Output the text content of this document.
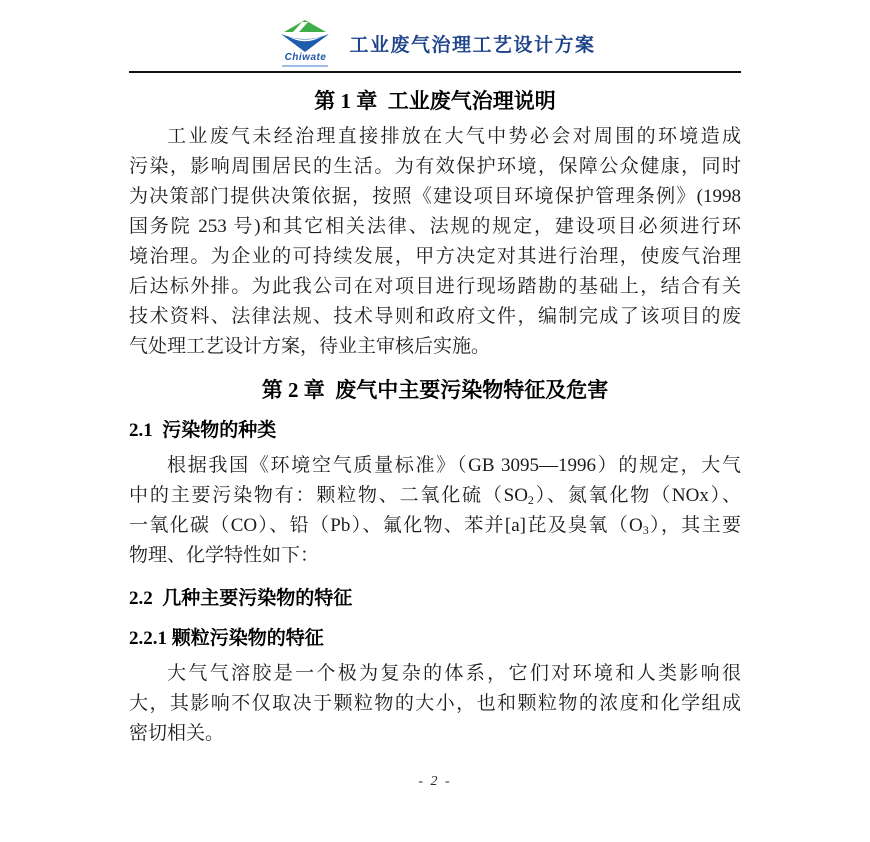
Chiwate
工业废气治理工艺设计方案
第 1 章  工业废气治理说明
工业废气未经治理直接排放在大气中势必会对周围的环境造成
污染，影响周围居民的生活。为有效保护环境，保障公众健康，同时
为决策部门提供决策依据，按照《建设项目环境保护管理条例》(1998
国务院 253 号)和其它相关法律、法规的规定，建设项目必须进行环
境治理。为企业的可持续发展，甲方决定对其进行治理，使废气治理
后达标外排。为此我公司在对项目进行现场踏勘的基础上，结合有关
技术资料、法律法规、技术导则和政府文件，编制完成了该项目的废
气处理工艺设计方案，待业主审核后实施。
第 2 章  废气中主要污染物特征及危害
2.1  污染物的种类
根据我国《环境空气质量标准》（GB 3095—1996）的规定，大气
中的主要污染物有：颗粒物、二氧化硫$(SO_2)$、氮氧化物（NOx）、
一氧化碳（CO）、铅（Pb）、氟化物、苯并[a]芘及臭氧$(O_3)$，其主要
物理、化学特性如下：
2.2  几种主要污染物的特征
2.2.1 颗粒污染物的特征
大气气溶胶是一个极为复杂的体系，它们对环境和人类影响很
大，其影响不仅取决于颗粒物的大小，也和颗粒物的浓度和化学组成
密切相关。
- 2 -
